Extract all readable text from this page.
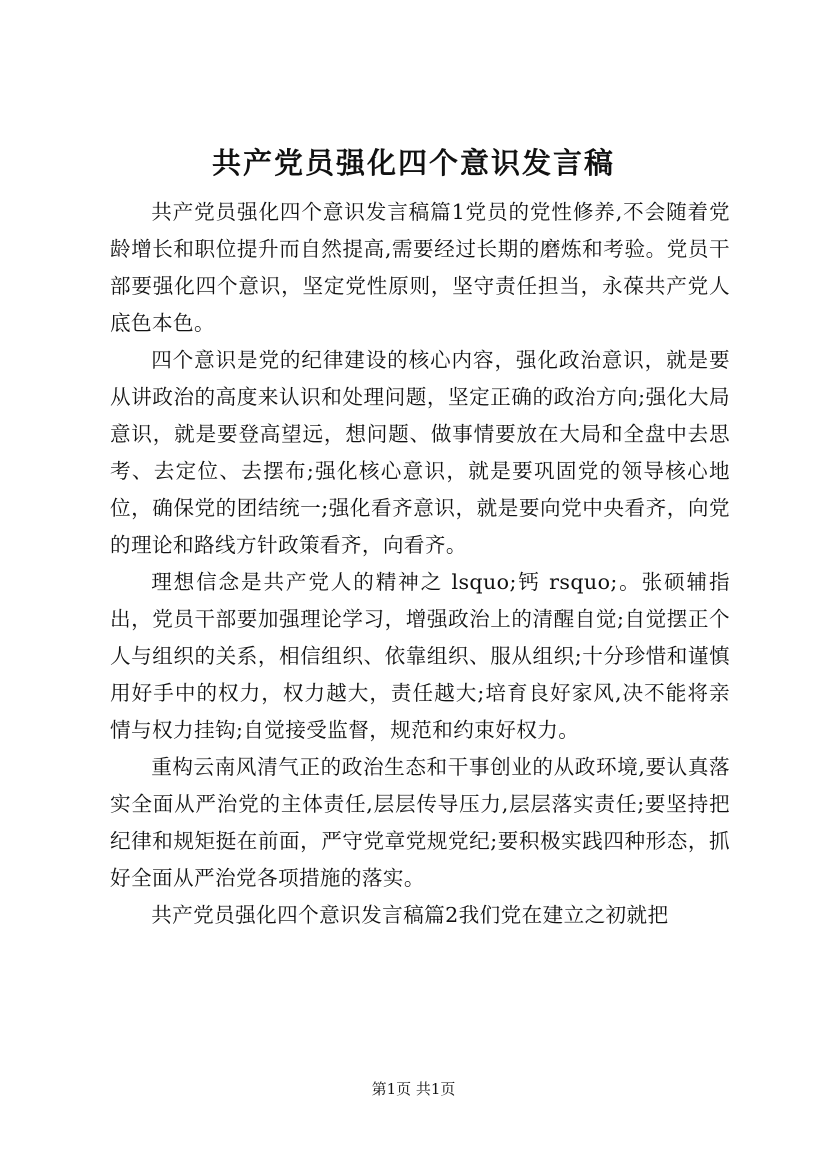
共产党员强化四个意识发言稿

共产党员强化四个意识发言稿篇1党员的党性修养,不会随着党龄增长和职位提升而自然提高,需要经过长期的磨炼和考验。党员干部要强化四个意识，坚定党性原则，坚守责任担当，永葆共产党人底色本色。

四个意识是党的纪律建设的核心内容，强化政治意识，就是要从讲政治的高度来认识和处理问题，坚定正确的政治方向;强化大局意识，就是要登高望远，想问题、做事情要放在大局和全盘中去思考、去定位、去摆布;强化核心意识，就是要巩固党的领导核心地位，确保党的团结统一;强化看齐意识，就是要向党中央看齐，向党的理论和路线方针政策看齐，向看齐。

理想信念是共产党人的精神之 lsquo;钙 rsquo;。张硕辅指出，党员干部要加强理论学习，增强政治上的清醒自觉;自觉摆正个人与组织的关系，相信组织、依靠组织、服从组织;十分珍惜和谨慎用好手中的权力，权力越大，责任越大;培育良好家风,决不能将亲情与权力挂钩;自觉接受监督，规范和约束好权力。

重构云南风清气正的政治生态和干事创业的从政环境,要认真落实全面从严治党的主体责任,层层传导压力,层层落实责任;要坚持把纪律和规矩挺在前面，严守党章党规党纪;要积极实践四种形态，抓好全面从严治党各项措施的落实。

共产党员强化四个意识发言稿篇2我们党在建立之初就把

第1页 共1页
